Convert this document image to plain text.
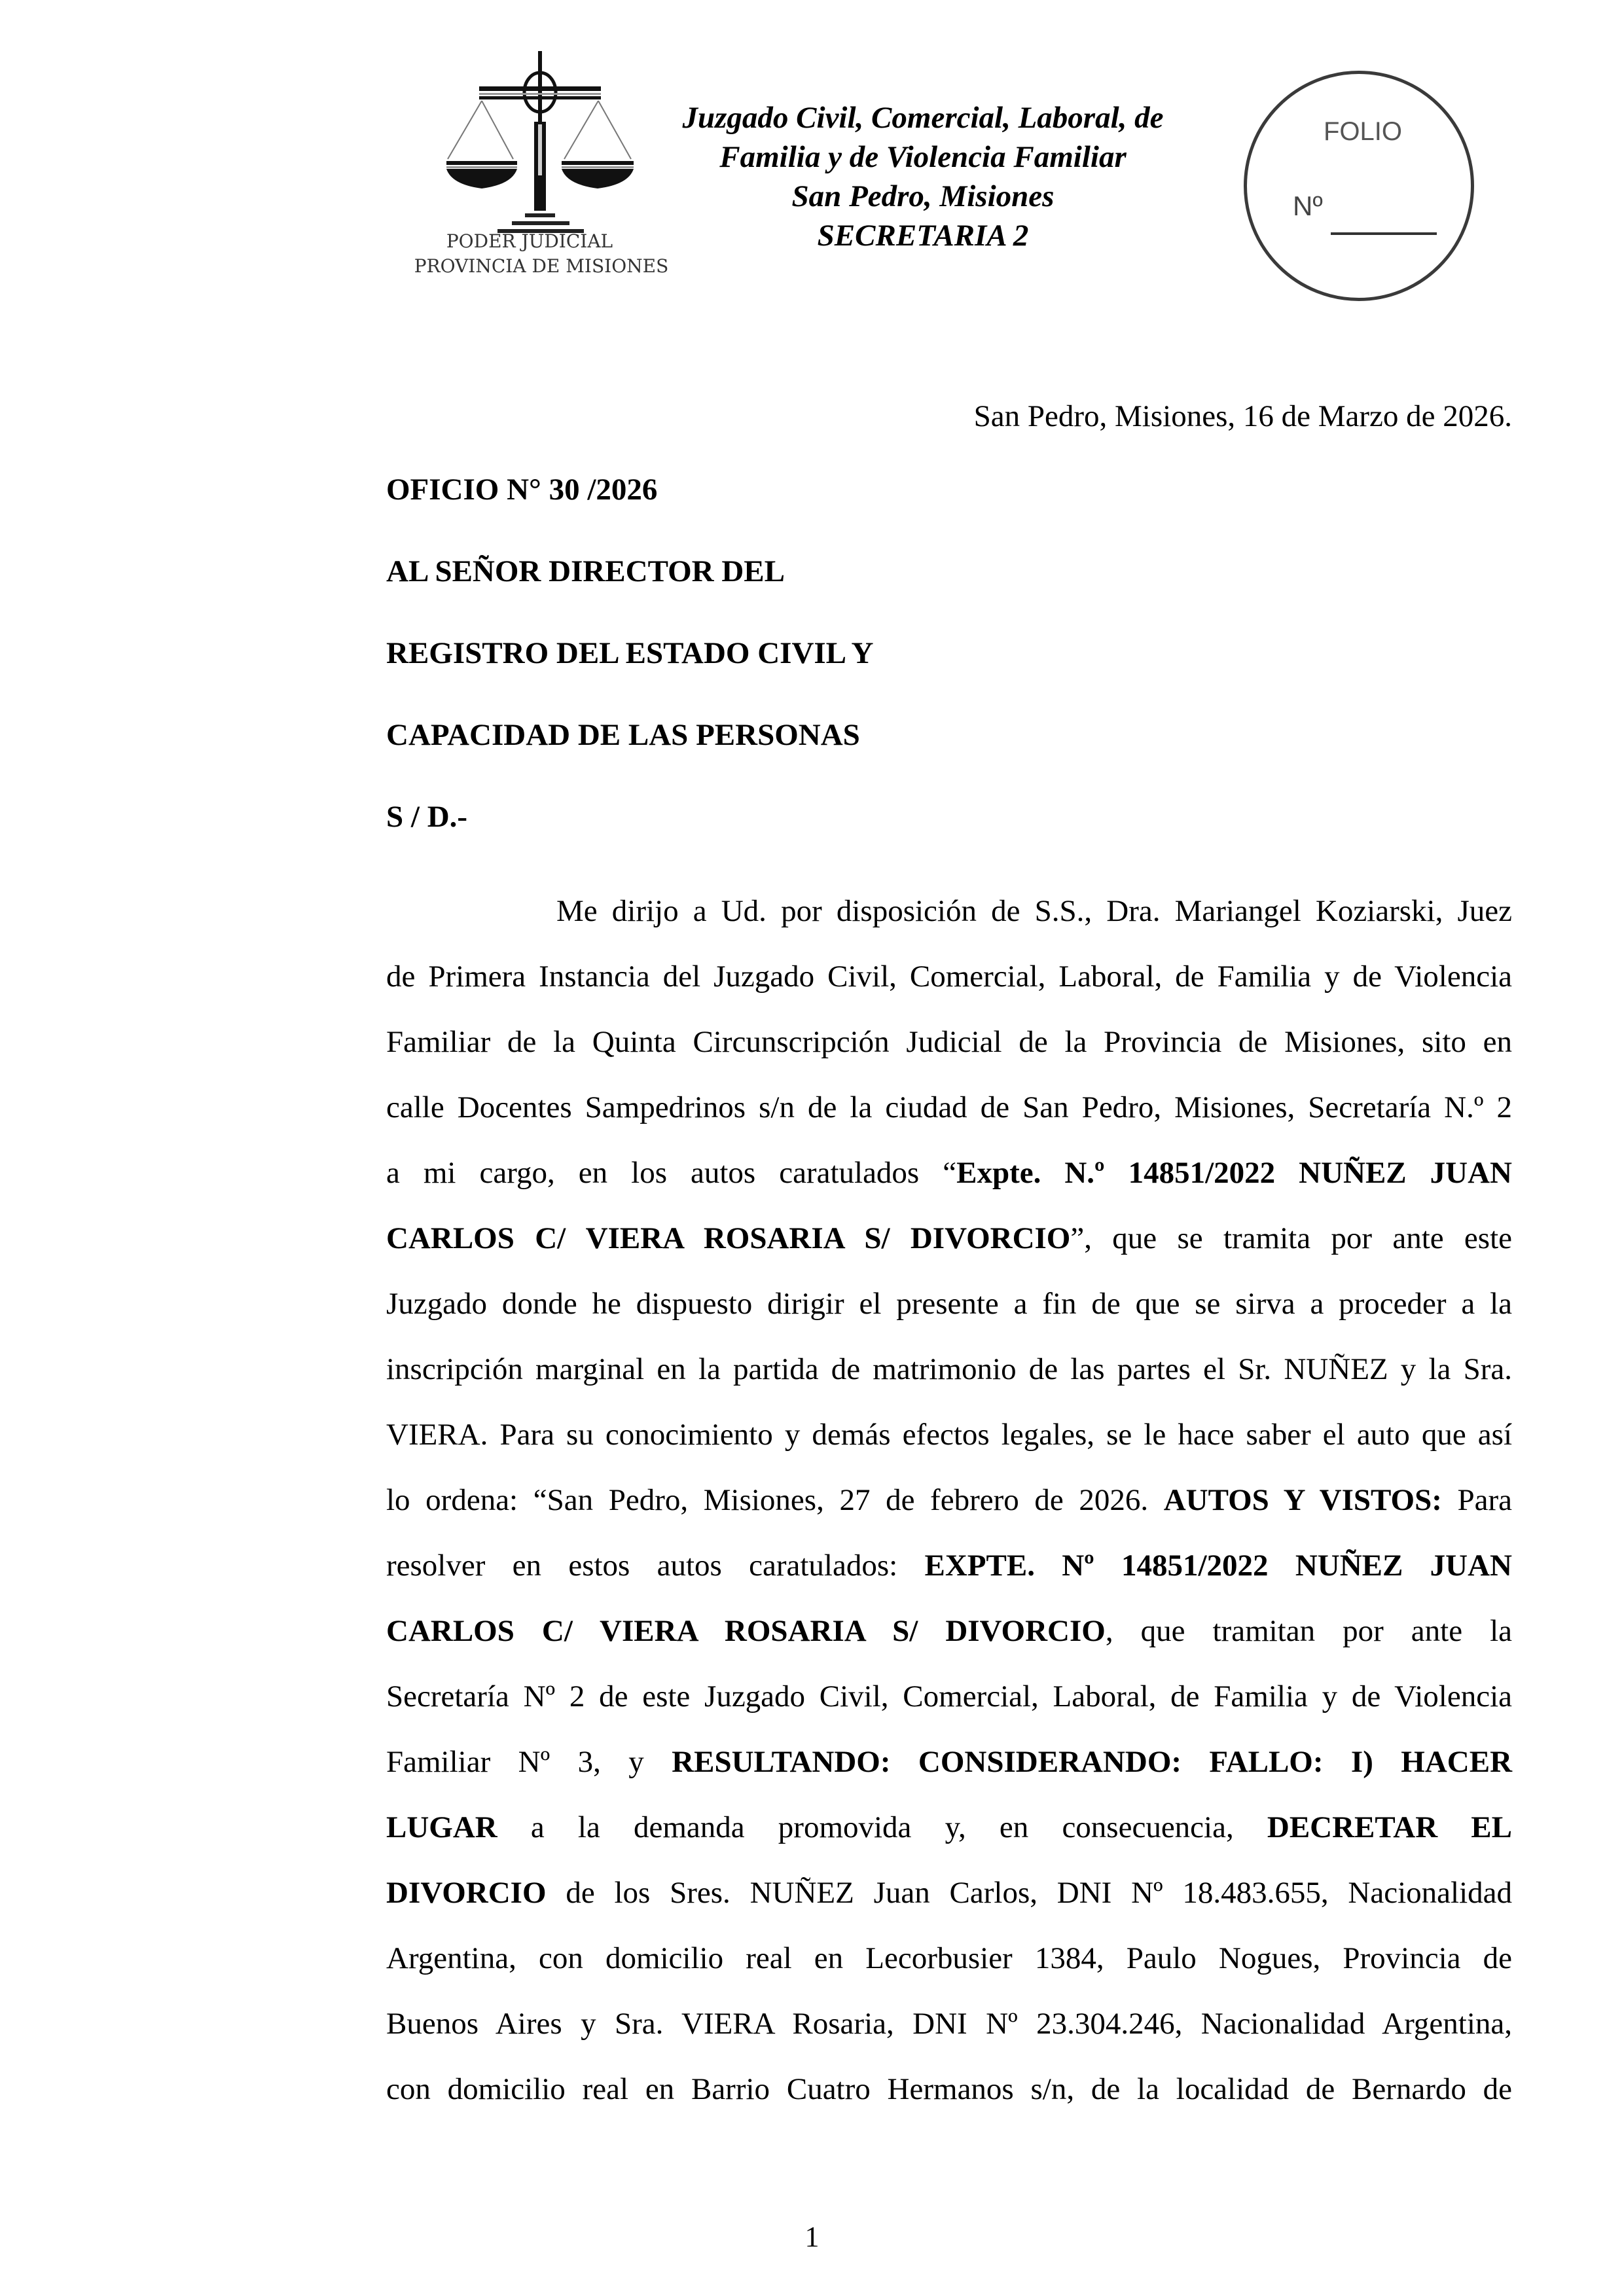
PODER JUDICIAL
PROVINCIA DE MISIONES
Juzgado Civil, Comercial, Laboral, de
Familia y de Violencia Familiar
San Pedro, Misiones
SECRETARIA 2
FOLIO
Nº
San Pedro, Misiones, 16 de Marzo de 2026.
OFICIO N° 30 /2026
AL SEÑOR DIRECTOR DEL
REGISTRO DEL ESTADO CIVIL Y
CAPACIDAD DE LAS PERSONAS
S / D.-
Me dirijo a Ud. por disposición de S.S., Dra. Mariangel Koziarski, Juez
de Primera Instancia del Juzgado Civil, Comercial, Laboral, de Familia y de Violencia
Familiar de la Quinta Circunscripción Judicial de la Provincia de Misiones, sito en
calle Docentes Sampedrinos s/n de la ciudad de San Pedro, Misiones, Secretaría N.º 2
a mi cargo, en los autos caratulados “Expte. N.º 14851/2022 NUÑEZ JUAN
CARLOS C/ VIERA ROSARIA S/ DIVORCIO”, que se tramita por ante este
Juzgado donde he dispuesto dirigir el presente a fin de que se sirva a proceder a la
inscripción marginal en la partida de matrimonio de las partes el Sr. NUÑEZ y la Sra.
VIERA. Para su conocimiento y demás efectos legales, se le hace saber el auto que así
lo ordena: “San Pedro, Misiones, 27 de febrero de 2026. AUTOS Y VISTOS: Para
resolver en estos autos caratulados: EXPTE. Nº 14851/2022 NUÑEZ JUAN
CARLOS C/ VIERA ROSARIA S/ DIVORCIO, que tramitan por ante la
Secretaría Nº 2 de este Juzgado Civil, Comercial, Laboral, de Familia y de Violencia
Familiar Nº 3, y RESULTANDO: CONSIDERANDO: FALLO: I) HACER
LUGAR a la demanda promovida y, en consecuencia, DECRETAR EL
DIVORCIO de los Sres. NUÑEZ Juan Carlos, DNI Nº 18.483.655, Nacionalidad
Argentina, con domicilio real en Lecorbusier 1384, Paulo Nogues, Provincia de
Buenos Aires y Sra. VIERA Rosaria, DNI Nº 23.304.246, Nacionalidad Argentina,
con domicilio real en Barrio Cuatro Hermanos s/n, de la localidad de Bernardo de
1
